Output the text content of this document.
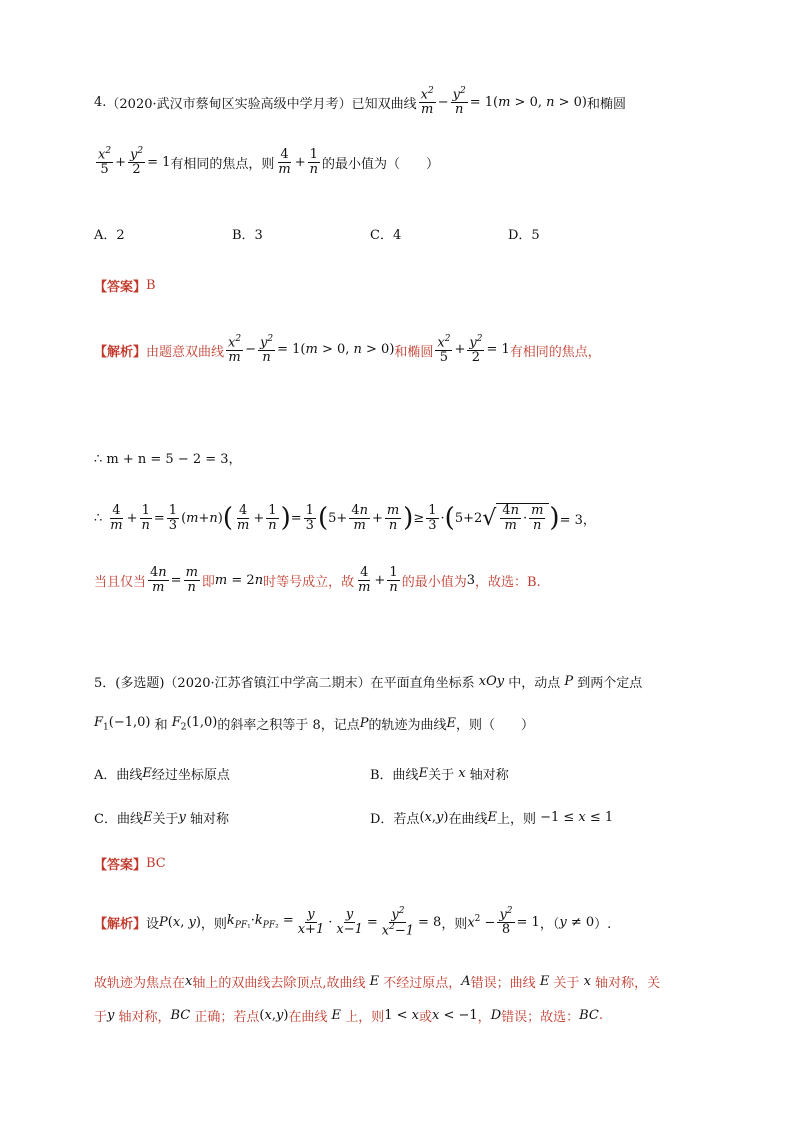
4. （2020·武汉市蔡甸区实验高级中学月考） 已知双曲线 $\frac{x^2}{m} - \frac{y^2}{n} = 1(m > 0$, n > 0) 和椭圆
$\frac{x^2}{5} + \frac{y^2}{2} = 1$ 有相同的焦点，则 $\frac{4}{m} + \frac{1}{n}$ 的最小值为（　　）
A．2	B．3	C．4	D．5
【答案】 B
【解析】 由题意双曲线 $\frac{x^2}{m} - \frac{y^2}{n} = 1(m > 0$, n > 0) 和椭圆 $\frac{x^2}{5} + \frac{y^2}{2} = 1$ 有相同的焦点，
∴ m + n = 5 − 2 = 3，
∴ $\frac{4}{m} + \frac{1}{n} = \frac{1}{3} (m+n)$ ( $\frac{4}{m} + \frac{1}{n}$ ) = $\frac{1}{3}$ ( $5+ \frac{4n}{m} + \frac{m}{n}$ ) ≥ $\frac{1}{3}$ · ( 5+2 √ $\frac{4n}{m} \cdot \frac{m}{n}$ ) = 3，
当且仅当 $\frac{4n}{m} = \frac{m}{n}$ 即 m = 2n 时等号成立，故 $\frac{4}{m} + \frac{1}{n}$ 的最小值为 3 ，故选：B.
5． (多选题)（2020·江苏省镇江中学高二期末）在平面直角坐标系 xOy 中，动点 P 到两个定点
$F_1(-1,0)$ 和 $F_2(1,0)$ 的斜率之积等于 8，记点 P 的轨迹为曲线 E ，则（　　）
A．曲线 E 经过坐标原点	B．曲线 E 关于 x 轴对称
C．曲线 E 关于 y 轴对称	D．若点 (x,y) 在曲线 E 上，则 −1 ≤ x ≤ 1
【答案】 BC
【解析】 设 P(x, y) ，则 $k_{PF_1}\cdot k_{PF_2} = \frac{y}{x+1} \cdot \frac{y}{x-1} = \frac{y^2}{x^2-1} = 8$ ，则 $x^2 - \frac{y^2}{8} = 1$ ，（ y ≠ 0 ）.
故轨迹为焦点在 x 轴上的双曲线去除顶点,故曲线 E 不经过原点， A 错误；曲线 E 关于 x 轴对称，关
于 y 轴对称， BC 正确；若点 (x,y) 在曲线 E 上，则 1 < x 或 x < −1 ， D 错误；故选： BC .
